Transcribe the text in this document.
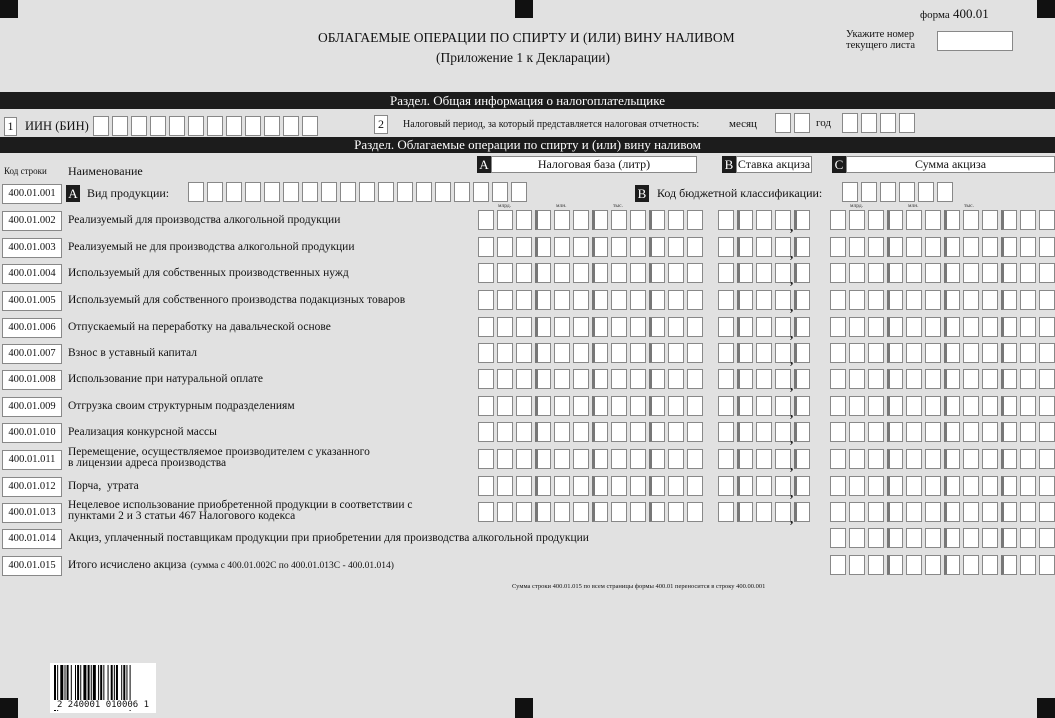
форма 400.01
ОБЛАГАЕМЫЕ ОПЕРАЦИИ ПО СПИРТУ И (ИЛИ) ВИНУ НАЛИВОМ
(Приложение 1 к Декларации)
Укажите номер текущего листа
Раздел. Общая информация о налогоплательщике
1 ИИН (БИН)	2	Налоговый период, за который представляется налоговая отчетность:	месяц	год
Раздел. Облагаемые операции по спирту и (или) вину наливом
Код строки Наименование	A	Налоговая база (литр)	B Ставка акциза C	Сумма акциза
400.01.001 A Вид продукции:	B Код бюджетной классификации:
млрд.	млн.	тыс.	млрд.	млн.	тыс.
400.01.002	Реализуемый для производства алкогольной продукции	,
400.01.003	Реализуемый не для производства алкогольной продукции	,
400.01.004	Используемый для собственных производственных нужд	,
400.01.005	Используемый для собственного производства подакцизных товаров	,
400.01.006	Отпускаемый на переработку на давальческой основе	,
400.01.007	Взнос в уставный капитал	,
400.01.008	Использование при натуральной оплате	,
400.01.009	Отгрузка своим структурным подразделениям	,
400.01.010	Реализация конкурсной массы	,
400.01.011
Перемещение, осуществляемое производителем с указанного
в лицензии адреса производства	,
400.01.012	Порча,  утрата	,
400.01.013
Нецелевое использование приобретенной продукции в соответствии с
пунктами 2 и 3 статьи 467 Налогового кодекса	,
400.01.014	Акциз, уплаченный поставщикам продукции при приобретении для производства алкогольной продукции
400.01.015	Итого исчислено акциза (сумма с 400.01.002C по 400.01.013C - 400.01.014)
Сумма строки 400.01.015 по всем страницы формы 400.01 переносится в строку 400.00.001
2 240001 010006 1
